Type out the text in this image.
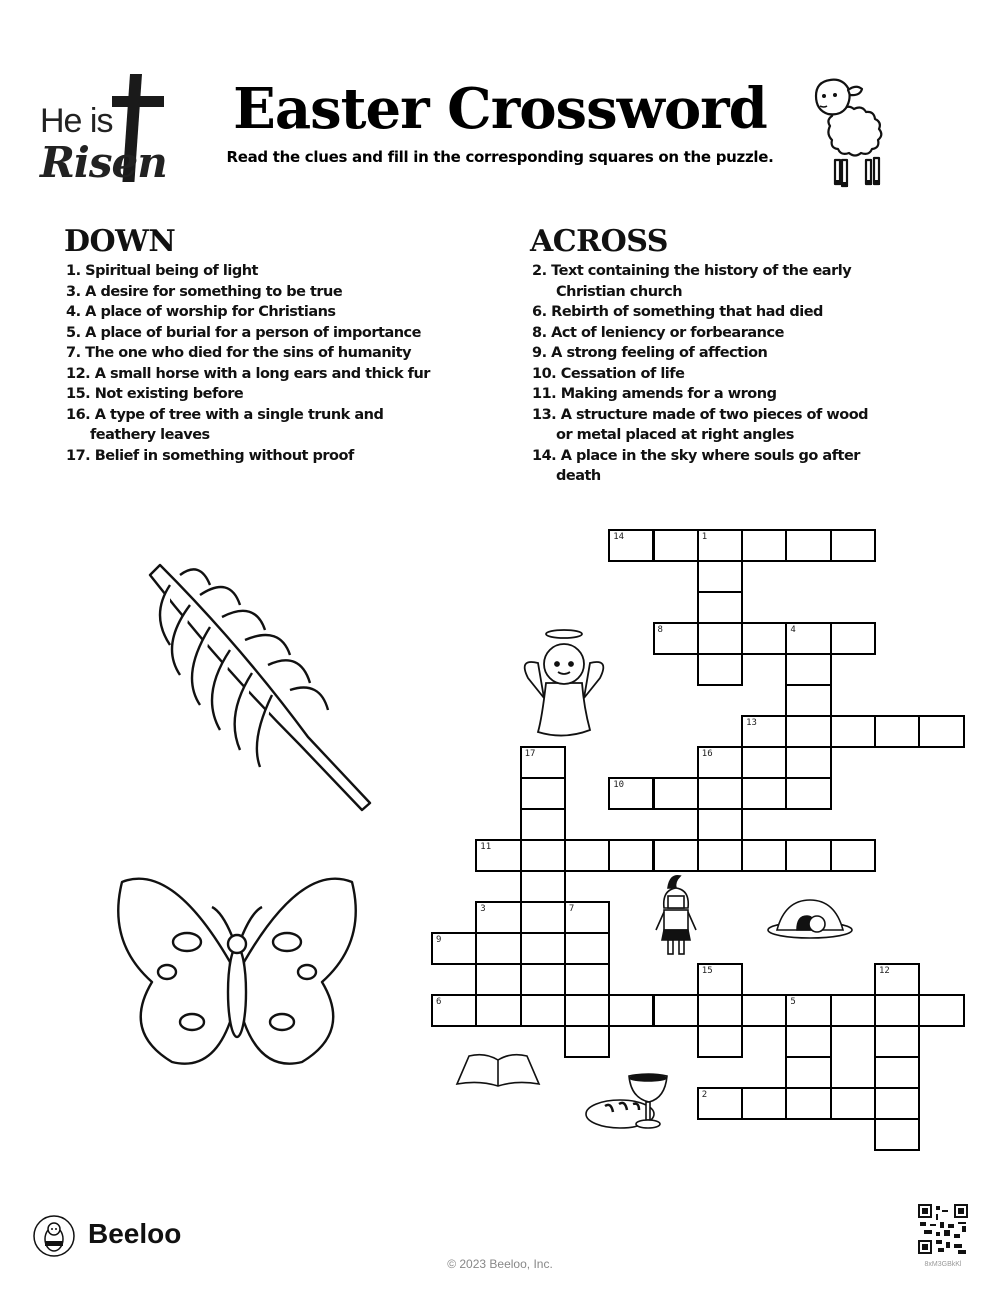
He is
Risen
Easter Crossword
Read the clues and fill in the corresponding squares on the puzzle.
DOWN
1. Spiritual being of light
3. A desire for something to be true
4. A place of worship for Christians
5. A place of burial for a person of importance
7. The one who died for the sins of humanity
12. A small horse with a long ears and thick fur
15. Not existing before
16. A type of tree with a single trunk and feathery leaves
17. Belief in something without proof
ACROSS
2. Text containing the history of the early Christian church
6. Rebirth of something that had died
8. Act of leniency or forbearance
9. A strong feeling of affection
10. Cessation of life
11. Making amends for a wrong
13. A structure made of two pieces of wood or metal placed at right angles
14. A place in the sky where souls go after death
14	1
8	4
13
17	16
10
11
3	7
9
15	12
6	5
2
Beeloo
© 2023 Beeloo, Inc.	8xM3GBkKl
